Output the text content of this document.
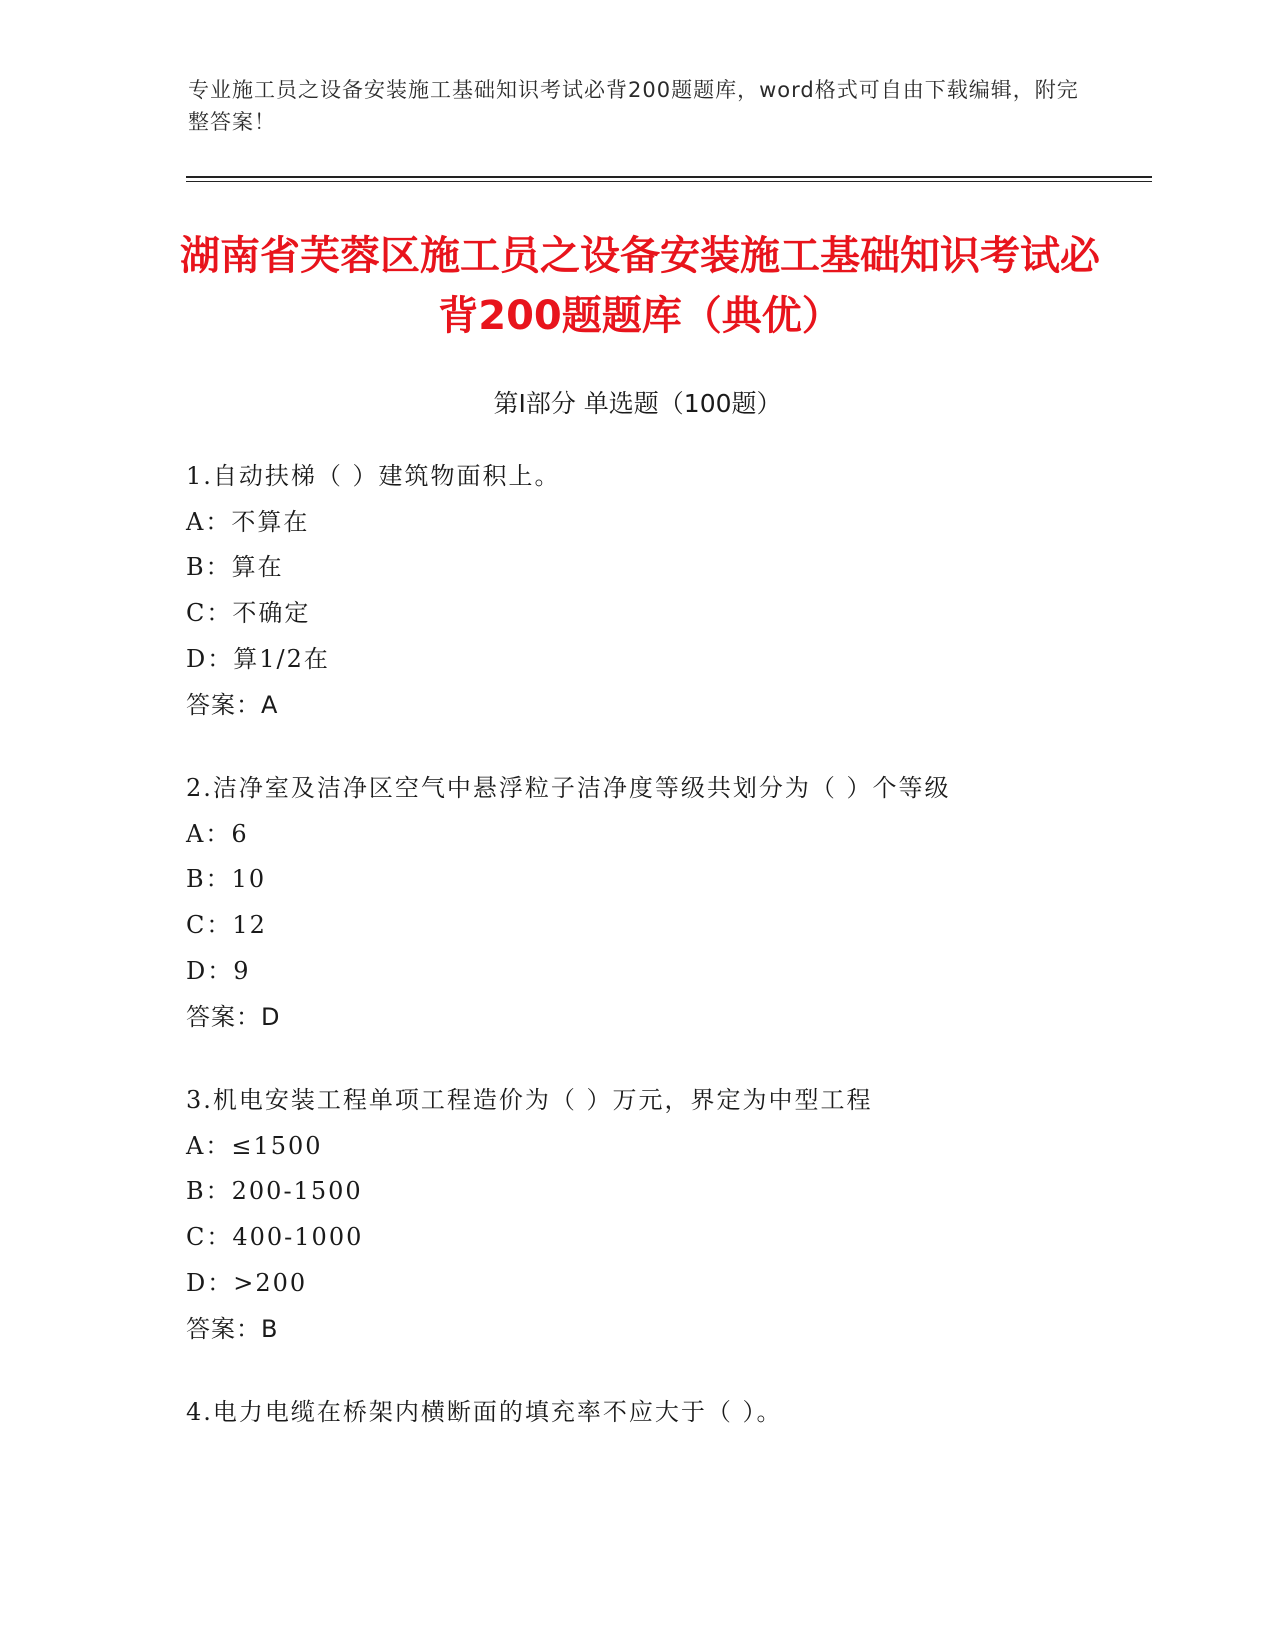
专业施工员之设备安装施工基础知识考试必背200题题库，word格式可自由下载编辑，附完整答案！
湖南省芙蓉区施工员之设备安装施工基础知识考试必背200题题库（典优）
第Ⅰ部分 单选题（100题）
1.自动扶梯（ ）建筑物面积上。
A：不算在
B：算在
C：不确定
D：算1/2在
答案：A
2.洁净室及洁净区空气中悬浮粒子洁净度等级共划分为（ ）个等级
A：6
B：10
C：12
D：9
答案：D
3.机电安装工程单项工程造价为（ ）万元，界定为中型工程
A：≤1500
B：200-1500
C：400-1000
D：>200
答案：B
4.电力电缆在桥架内横断面的填充率不应大于（ ）。
